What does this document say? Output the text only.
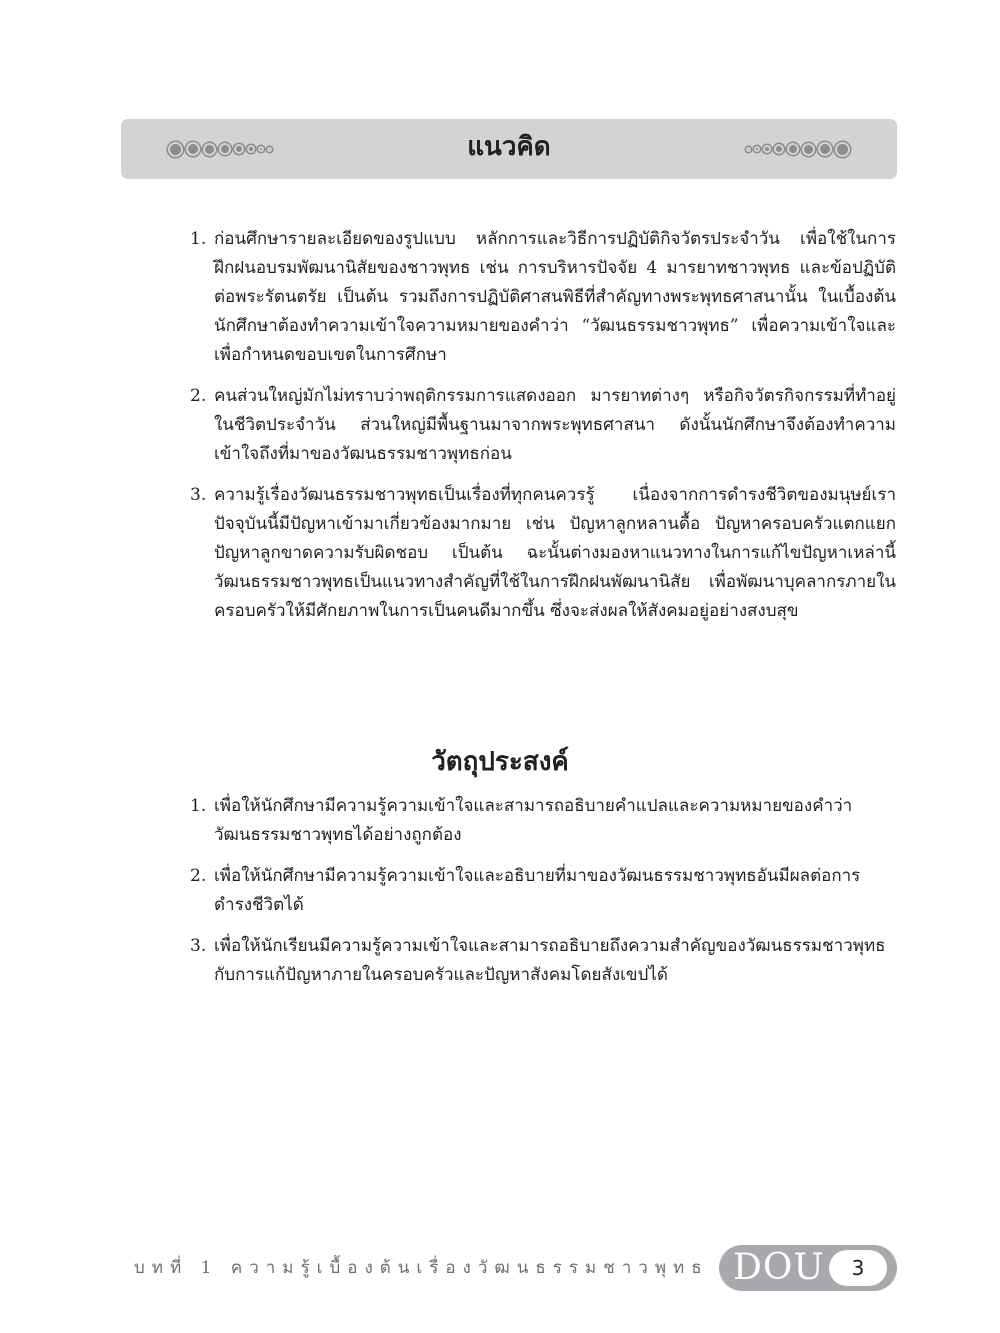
แนวคิด
1. ก่อนศึกษารายละเอียดของรูปแบบ หลักการและวิธีการปฏิบัติกิจวัตรประจำวัน เพื่อใช้ในการฝึกฝนอบรมพัฒนานิสัยของชาวพุทธ เช่น การบริหารปัจจัย 4 มารยาทชาวพุทธ และข้อปฏิบัติต่อพระรัตนตรัย เป็นต้น รวมถึงการปฏิบัติศาสนพิธีที่สำคัญทางพระพุทธศาสนานั้น ในเบื้องต้นนักศึกษาต้องทำความเข้าใจความหมายของคำว่า “วัฒนธรรมชาวพุทธ” เพื่อความเข้าใจและเพื่อกำหนดขอบเขตในการศึกษา
2. คนส่วนใหญ่มักไม่ทราบว่าพฤติกรรมการแสดงออก มารยาทต่างๆ หรือกิจวัตรกิจกรรมที่ทำอยู่ในชีวิตประจำวัน ส่วนใหญ่มีพื้นฐานมาจากพระพุทธศาสนา ดังนั้นนักศึกษาจึงต้องทำความเข้าใจถึงที่มาของวัฒนธรรมชาวพุทธก่อน
3. ความรู้เรื่องวัฒนธรรมชาวพุทธเป็นเรื่องที่ทุกคนควรรู้ เนื่องจากการดำรงชีวิตของมนุษย์เราปัจจุบันนี้มีปัญหาเข้ามาเกี่ยวข้องมากมาย เช่น ปัญหาลูกหลานดื้อ ปัญหาครอบครัวแตกแยก ปัญหาลูกขาดความรับผิดชอบ เป็นต้น ฉะนั้นต่างมองหาแนวทางในการแก้ไขปัญหาเหล่านี้ วัฒนธรรมชาวพุทธเป็นแนวทางสำคัญที่ใช้ในการฝึกฝนพัฒนานิสัย เพื่อพัฒนาบุคลากรภายในครอบครัวให้มีศักยภาพในการเป็นคนดีมากขึ้น ซึ่งจะส่งผลให้สังคมอยู่อย่างสงบสุข
วัตถุประสงค์
1. เพื่อให้นักศึกษามีความรู้ความเข้าใจและสามารถอธิบายคำแปลและความหมายของคำว่าวัฒนธรรมชาวพุทธได้อย่างถูกต้อง
2. เพื่อให้นักศึกษามีความรู้ความเข้าใจและอธิบายที่มาของวัฒนธรรมชาวพุทธอันมีผลต่อการดำรงชีวิตได้
3. เพื่อให้นักเรียนมีความรู้ความเข้าใจและสามารถอธิบายถึงความสำคัญของวัฒนธรรมชาวพุทธกับการแก้ปัญหาภายในครอบครัวและปัญหาสังคมโดยสังเขปได้
บทที่ 1 ความรู้เบื้องต้นเรื่องวัฒนธรรมชาวพุทธ DOU	3
